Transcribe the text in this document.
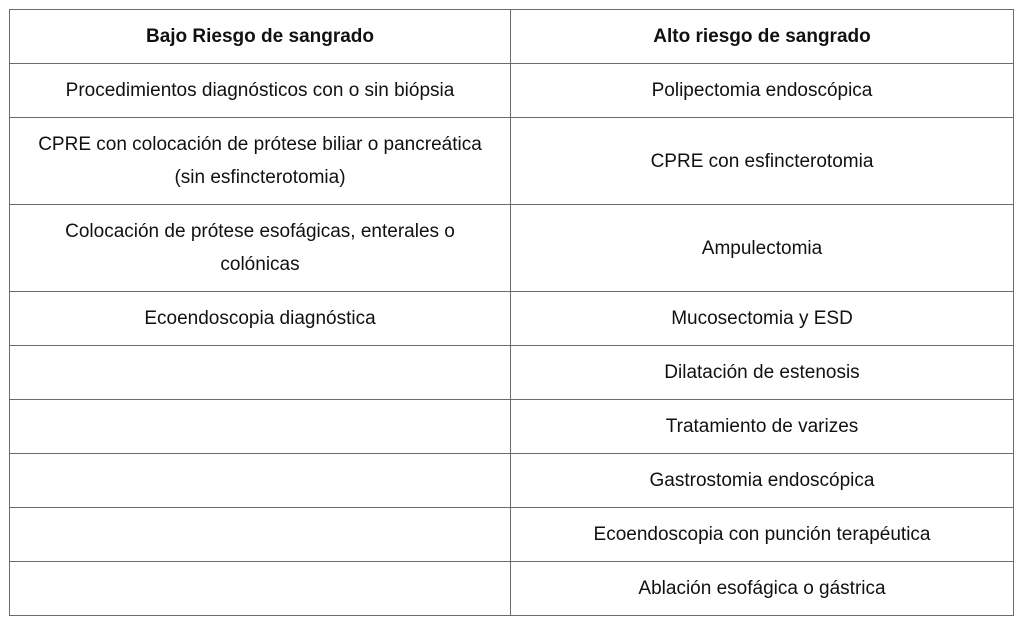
Bajo Riesgo de sangrado	Alto riesgo de sangrado
Procedimientos diagnósticos con o sin biópsia	Polipectomia endoscópica
CPRE con colocación de prótese biliar o pancreática (sin esfincterotomia)	CPRE con esfincterotomia
Colocación de prótese esofágicas, enterales o colónicas	Ampulectomia
Ecoendoscopia diagnóstica	Mucosectomia y ESD
	Dilatación de estenosis
	Tratamiento de varizes
	Gastrostomia endoscópica
	Ecoendoscopia con punción terapéutica
	Ablación esofágica o gástrica
